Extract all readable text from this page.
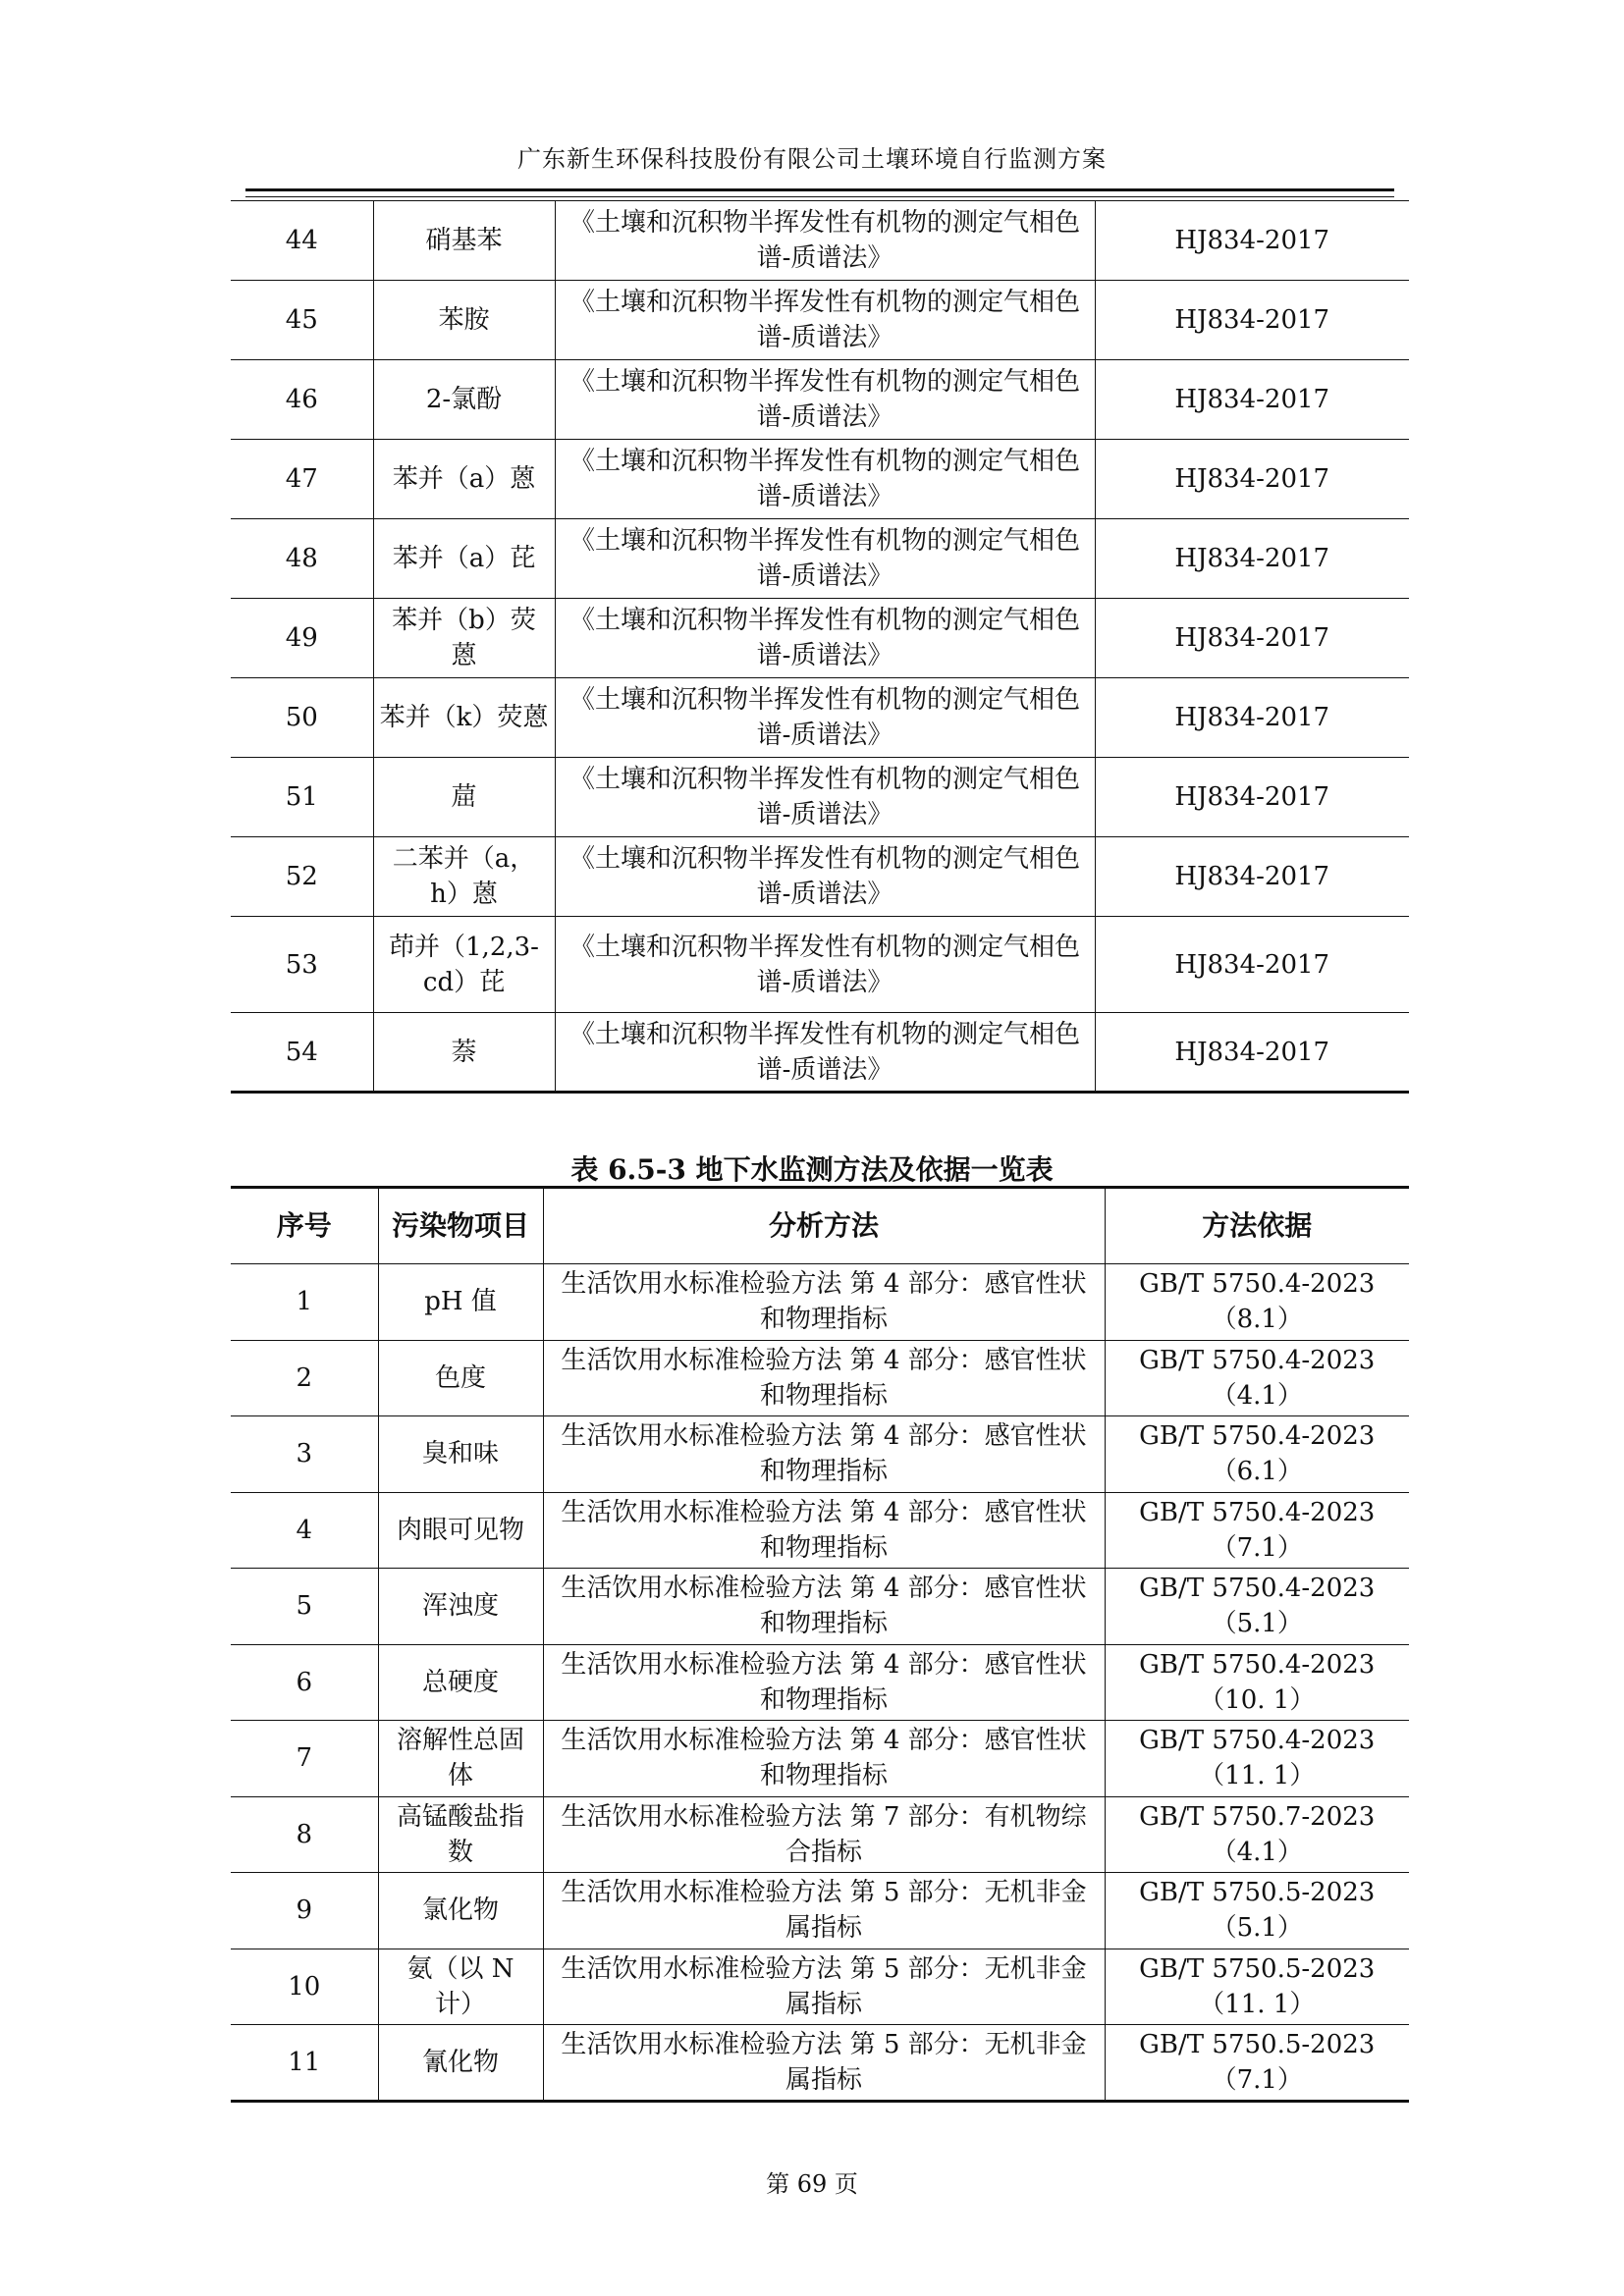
广东新生环保科技股份有限公司土壤环境自行监测方案
44	硝基苯	《土壤和沉积物半挥发性有机物的测定气相色谱-质谱法》	HJ834-2017
45	苯胺	《土壤和沉积物半挥发性有机物的测定气相色谱-质谱法》	HJ834-2017
46	2-氯酚	《土壤和沉积物半挥发性有机物的测定气相色谱-质谱法》	HJ834-2017
47	苯并（a）蒽	《土壤和沉积物半挥发性有机物的测定气相色谱-质谱法》	HJ834-2017
48	苯并（a）芘	《土壤和沉积物半挥发性有机物的测定气相色谱-质谱法》	HJ834-2017
49	苯并（b）荧蒽	《土壤和沉积物半挥发性有机物的测定气相色谱-质谱法》	HJ834-2017
50	苯并（k）荧蒽	《土壤和沉积物半挥发性有机物的测定气相色谱-质谱法》	HJ834-2017
51	䓛	《土壤和沉积物半挥发性有机物的测定气相色谱-质谱法》	HJ834-2017
52	二苯并（a，h）蒽	《土壤和沉积物半挥发性有机物的测定气相色谱-质谱法》	HJ834-2017
53	茚并（1,2,3-cd）芘	《土壤和沉积物半挥发性有机物的测定气相色谱-质谱法》	HJ834-2017
54	萘	《土壤和沉积物半挥发性有机物的测定气相色谱-质谱法》	HJ834-2017
表 6.5-3 地下水监测方法及依据一览表
序号	污染物项目	分析方法	方法依据
1	pH 值	生活饮用水标准检验方法 第 4 部分：感官性状和物理指标	GB/T 5750.4-2023（8.1）
2	色度	生活饮用水标准检验方法 第 4 部分：感官性状和物理指标	GB/T 5750.4-2023（4.1）
3	臭和味	生活饮用水标准检验方法 第 4 部分：感官性状和物理指标	GB/T 5750.4-2023（6.1）
4	肉眼可见物	生活饮用水标准检验方法 第 4 部分：感官性状和物理指标	GB/T 5750.4-2023（7.1）
5	浑浊度	生活饮用水标准检验方法 第 4 部分：感官性状和物理指标	GB/T 5750.4-2023（5.1）
6	总硬度	生活饮用水标准检验方法 第 4 部分：感官性状和物理指标	GB/T 5750.4-2023（10. 1）
7	溶解性总固体	生活饮用水标准检验方法 第 4 部分：感官性状和物理指标	GB/T 5750.4-2023（11. 1）
8	高锰酸盐指数	生活饮用水标准检验方法 第 7 部分：有机物综合指标	GB/T 5750.7-2023（4.1）
9	氯化物	生活饮用水标准检验方法 第 5 部分：无机非金属指标	GB/T 5750.5-2023（5.1）
10	氨（以 N 计）	生活饮用水标准检验方法 第 5 部分：无机非金属指标	GB/T 5750.5-2023（11. 1）
11	氰化物	生活饮用水标准检验方法 第 5 部分：无机非金属指标	GB/T 5750.5-2023（7.1）
第 69 页
